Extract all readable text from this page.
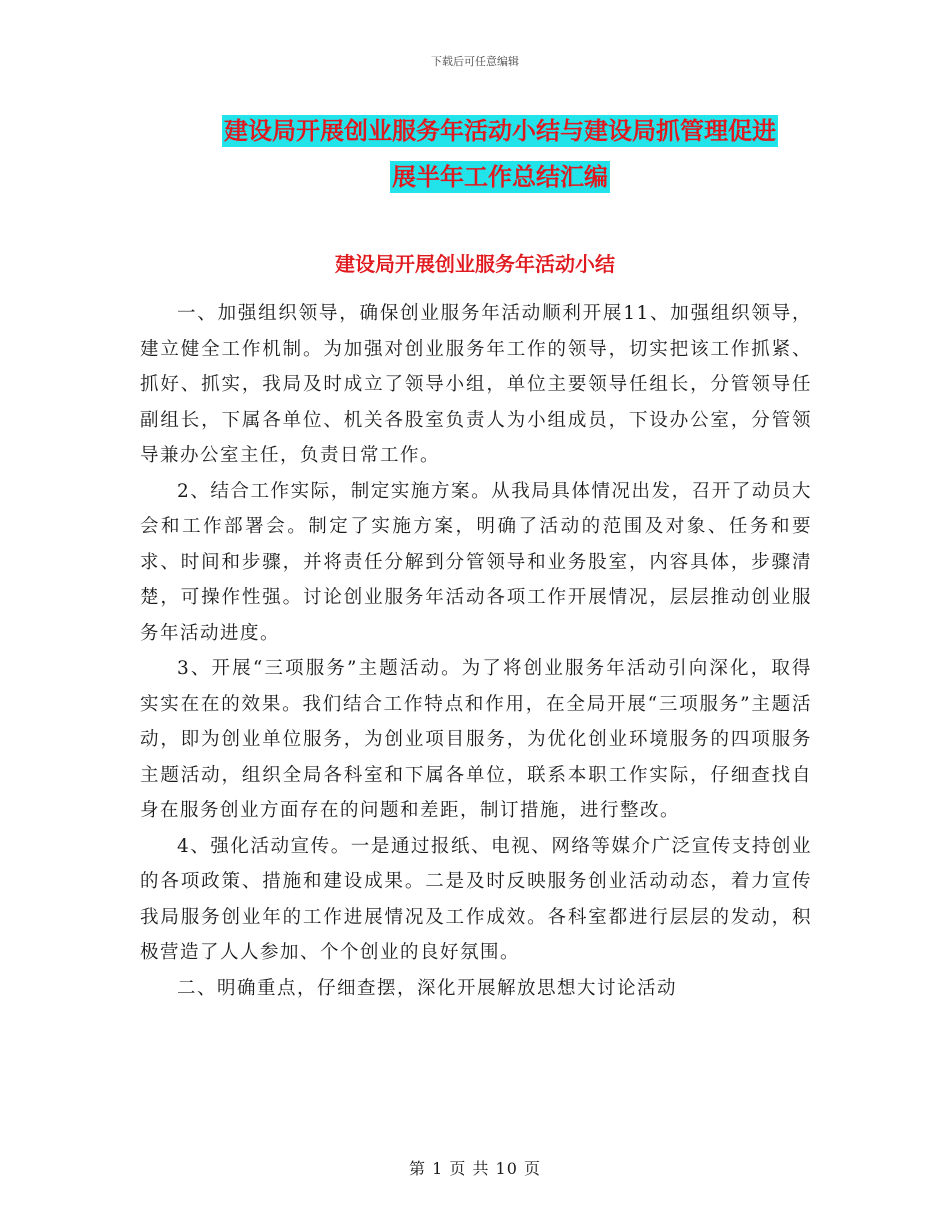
下载后可任意编辑
建设局开展创业服务年活动小结与建设局抓管理促进
展半年工作总结汇编
建设局开展创业服务年活动小结

一、加强组织领导，确保创业服务年活动顺利开展11、加强组织领导，建立健全工作机制。为加强对创业服务年工作的领导，切实把该工作抓紧、抓好、抓实，我局及时成立了领导小组，单位主要领导任组长，分管领导任副组长，下属各单位、机关各股室负责人为小组成员，下设办公室，分管领导兼办公室主任，负责日常工作。

2、结合工作实际，制定实施方案。从我局具体情况出发，召开了动员大会和工作部署会。制定了实施方案，明确了活动的范围及对象、任务和要求、时间和步骤，并将责任分解到分管领导和业务股室，内容具体，步骤清楚，可操作性强。讨论创业服务年活动各项工作开展情况，层层推动创业服务年活动进度。

3、开展“三项服务”主题活动。为了将创业服务年活动引向深化，取得实实在在的效果。我们结合工作特点和作用，在全局开展“三项服务”主题活动，即为创业单位服务，为创业项目服务，为优化创业环境服务的四项服务主题活动，组织全局各科室和下属各单位，联系本职工作实际，仔细查找自身在服务创业方面存在的问题和差距，制订措施，进行整改。

4、强化活动宣传。一是通过报纸、电视、网络等媒介广泛宣传支持创业的各项政策、措施和建设成果。二是及时反映服务创业活动动态，着力宣传我局服务创业年的工作进展情况及工作成效。各科室都进行层层的发动，积极营造了人人参加、个个创业的良好氛围。

二、明确重点，仔细查摆，深化开展解放思想大讨论活动

第 1 页 共 10 页
